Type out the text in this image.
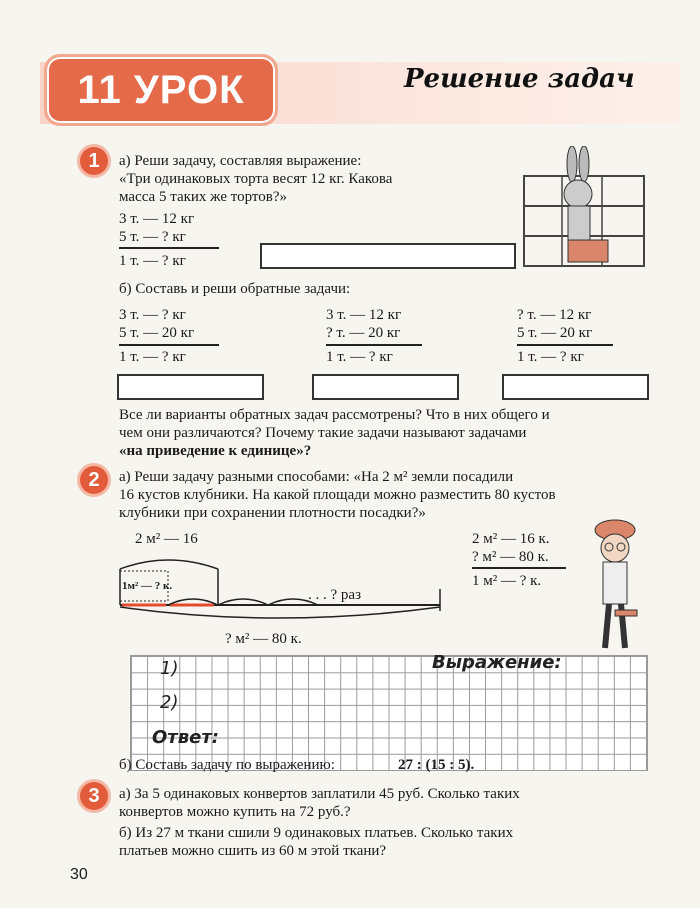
11 УРОК	Решение задач
1	а) Реши задачу, составляя выражение:
«Три одинаковых торта весят 12 кг. Какова
масса 5 таких же тортов?»
3 т. — 12 кг
5 т. — ? кг
1 т. — ? кг
б) Составь и реши обратные задачи:
3 т. — ? кг
5 т. — 20 кг
1 т. — ? кг
3 т. — 12 кг
? т. — 20 кг
1 т. — ? кг
? т. — 12 кг
5 т. — 20 кг
1 т. — ? кг
Все ли варианты обратных задач рассмотрены? Что в них общего и
чем они различаются? Почему такие задачи называют задачами
«на приведение к единице»?
2	а) Реши задачу разными способами: «На 2 м² земли посадили
16 кустов клубники. На какой площади можно разместить 80 кустов
клубники при сохранении плотности посадки?»
2 м² — 16
1м² — ? к.
. . . ? раз
? м² — 80 к.
2 м² — 16 к.
? м² — 80 к.
1 м² — ? к.
1)
2)
Ответ:
Выражение:
б) Составь задачу по выражению:	27 : (15 : 5).
3	а) За 5 одинаковых конвертов заплатили 45 руб. Сколько таких
конвертов можно купить на 72 руб.?
б) Из 27 м ткани сшили 9 одинаковых платьев. Сколько таких
платьев можно сшить из 60 м этой ткани?
30
